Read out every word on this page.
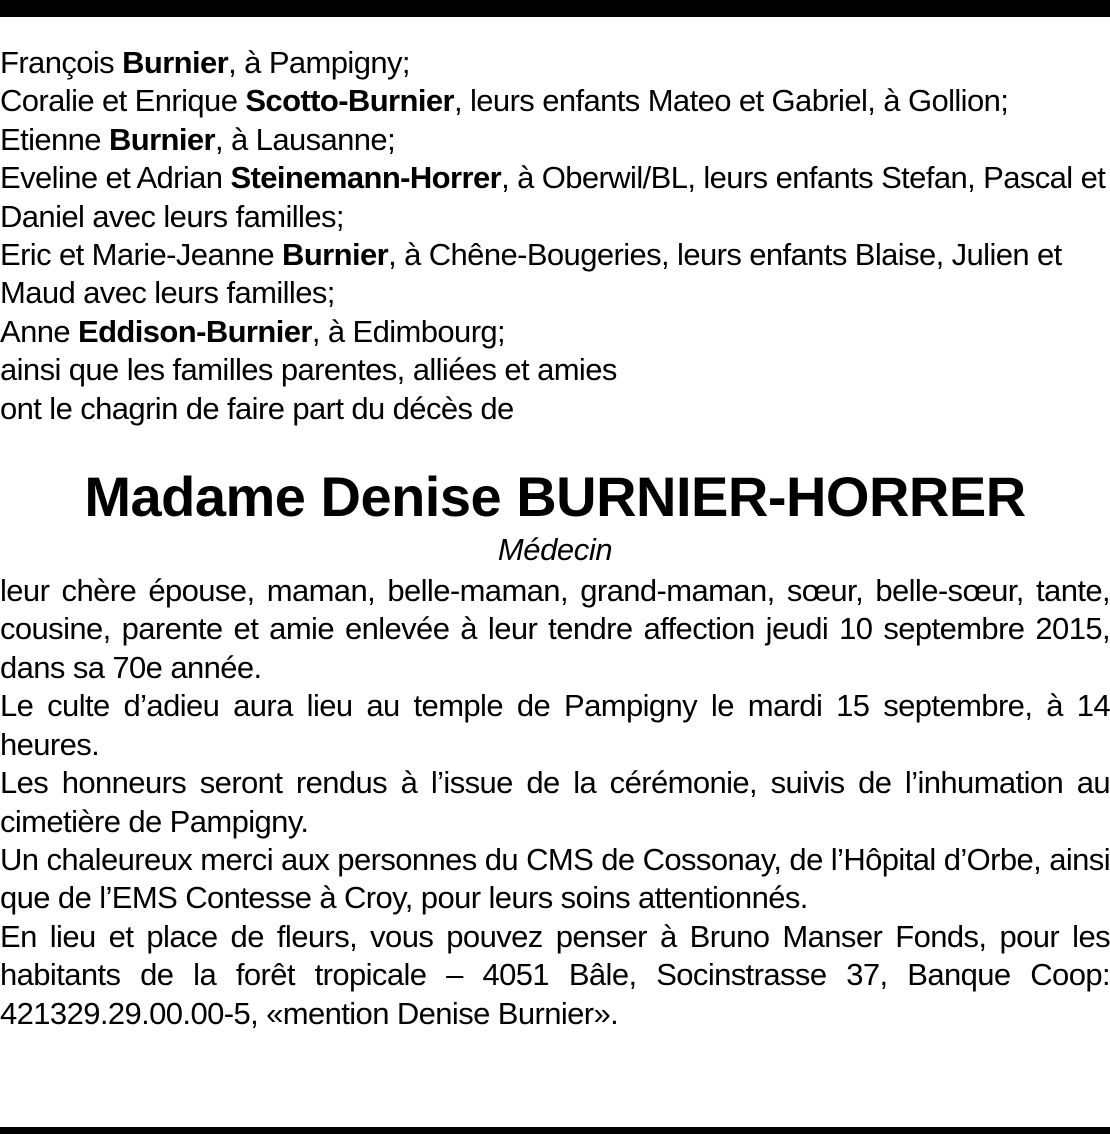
François Burnier, à Pampigny;

Coralie et Enrique Scotto-Burnier, leurs enfants Mateo et Gabriel, à Gollion;

Etienne Burnier, à Lausanne;

Eveline et Adrian Steinemann-Horrer, à Oberwil/BL, leurs enfants Stefan, Pascal et Daniel avec leurs familles;

Eric et Marie-Jeanne Burnier, à Chêne-Bougeries, leurs enfants Blaise, Julien et Maud avec leurs familles;

Anne Eddison-Burnier, à Edimbourg;

ainsi que les familles parentes, alliées et amies

ont le chagrin de faire part du décès de

Madame Denise BURNIER-HORRER

Médecin

leur chère épouse, maman, belle-maman, grand-maman, sœur, belle-sœur, tante, cousine, parente et amie enlevée à leur tendre affection jeudi 10 septembre 2015, dans sa 70e année.

Le culte d’adieu aura lieu au temple de Pampigny le mardi 15 septembre, à 14 heures.

Les honneurs seront rendus à l’issue de la cérémonie, suivis de l’inhumation au cimetière de Pampigny.

Un chaleureux merci aux personnes du CMS de Cossonay, de l’Hôpital d’Orbe, ainsi que de l’EMS Contesse à Croy, pour leurs soins attentionnés.

En lieu et place de fleurs, vous pouvez penser à Bruno Manser Fonds, pour les habitants de la forêt tropicale – 4051 Bâle, Socinstrasse 37, Banque Coop: 421329.29.00.00-5, «mention Denise Burnier».
